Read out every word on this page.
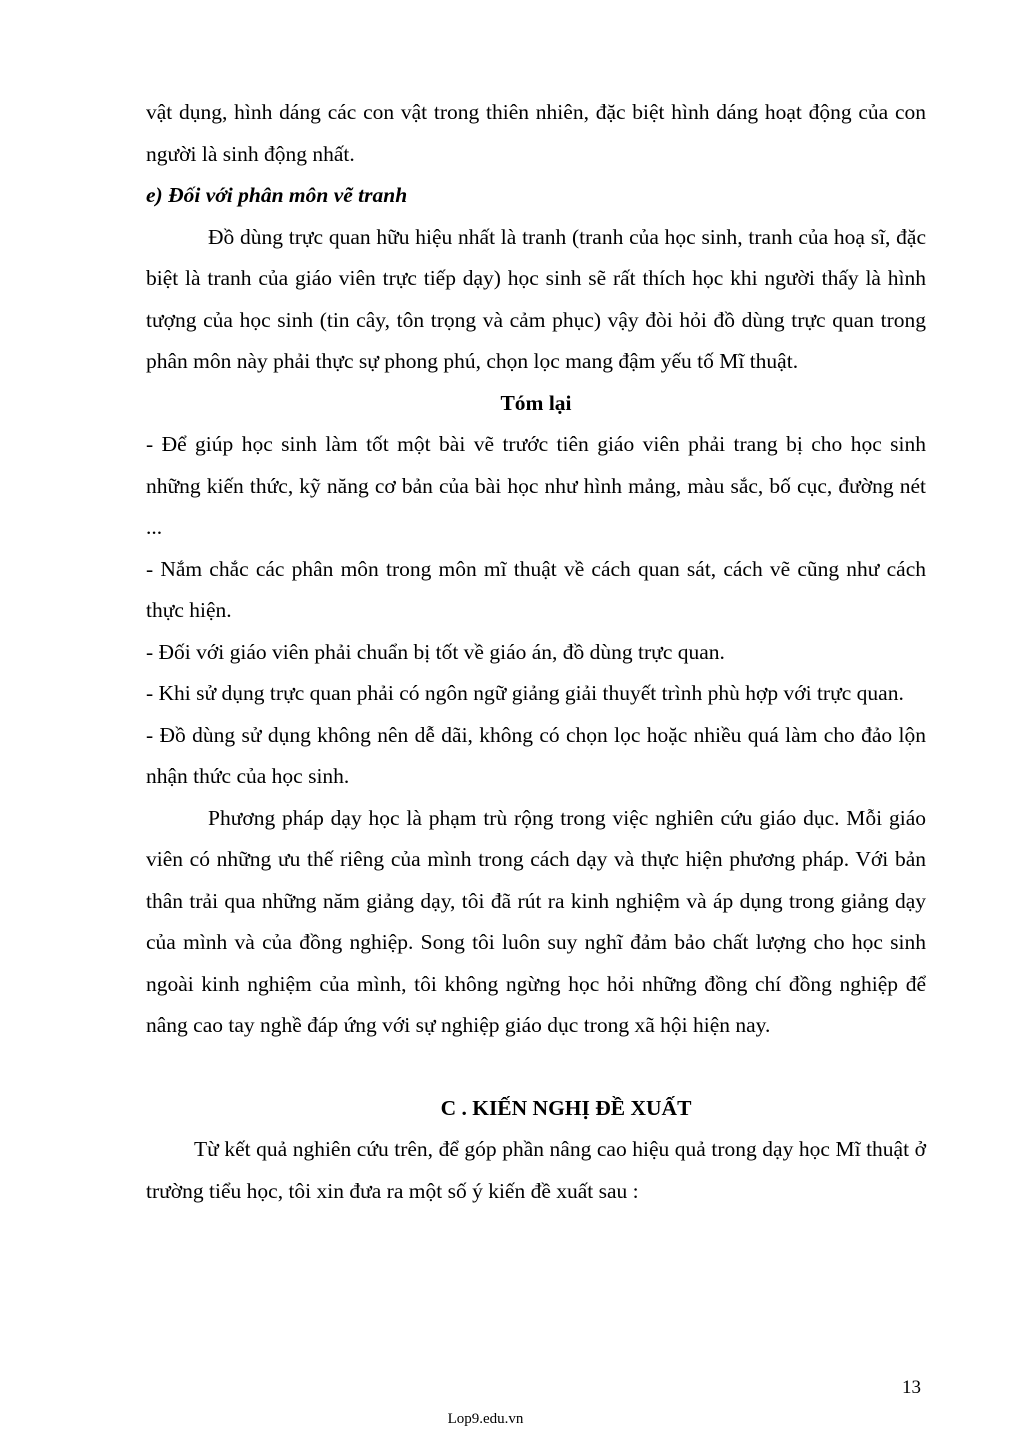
vật dụng, hình dáng các con vật trong thiên nhiên, đặc biệt hình dáng hoạt động của con người là sinh động nhất.

e) Đối với phân môn vẽ tranh

Đồ dùng trực quan hữu hiệu nhất là tranh (tranh của học sinh, tranh của hoạ sĩ, đặc biệt là tranh của giáo viên trực tiếp dạy) học sinh sẽ rất thích học khi người thấy là hình tượng của học sinh (tin cây, tôn trọng và cảm phục) vậy đòi hỏi đồ dùng trực quan trong phân môn này phải thực sự phong phú, chọn lọc mang đậm yếu tố Mĩ thuật.

Tóm lại

- Để giúp học sinh làm tốt một bài vẽ trước tiên giáo viên phải trang bị cho học sinh những kiến thức, kỹ năng cơ bản của bài học như hình mảng, màu sắc, bố cục, đường nét ...

- Nắm chắc các phân môn trong môn mĩ thuật về cách quan sát, cách vẽ cũng như cách thực hiện.

- Đối với giáo viên phải chuẩn bị tốt về giáo án, đồ dùng trực quan.

- Khi sử dụng trực quan phải có ngôn ngữ giảng giải thuyết trình phù hợp với trực quan.

- Đồ dùng sử dụng không nên dễ dãi, không có chọn lọc hoặc nhiều quá làm cho đảo lộn nhận thức của học sinh.

Phương pháp dạy học là phạm trù rộng trong việc nghiên cứu giáo dục. Mỗi giáo viên có những ưu thế riêng của mình trong cách dạy và thực hiện phương pháp. Với bản thân trải qua những năm giảng dạy, tôi đã rút ra kinh nghiệm và áp dụng trong giảng dạy của mình và của đồng nghiệp. Song tôi luôn suy nghĩ đảm bảo chất lượng cho học sinh ngoài kinh nghiệm của mình, tôi không ngừng học hỏi những đồng chí đồng nghiệp để nâng cao tay nghề đáp ứng với sự nghiệp giáo dục trong xã hội hiện nay.

C . KIẾN NGHỊ ĐỀ XUẤT

Từ kết quả nghiên cứu trên, để góp phần nâng cao hiệu quả trong dạy học Mĩ thuật ở trường tiểu học, tôi xin đưa ra một số ý kiến đề xuất sau :

13
Lop9.edu.vn
